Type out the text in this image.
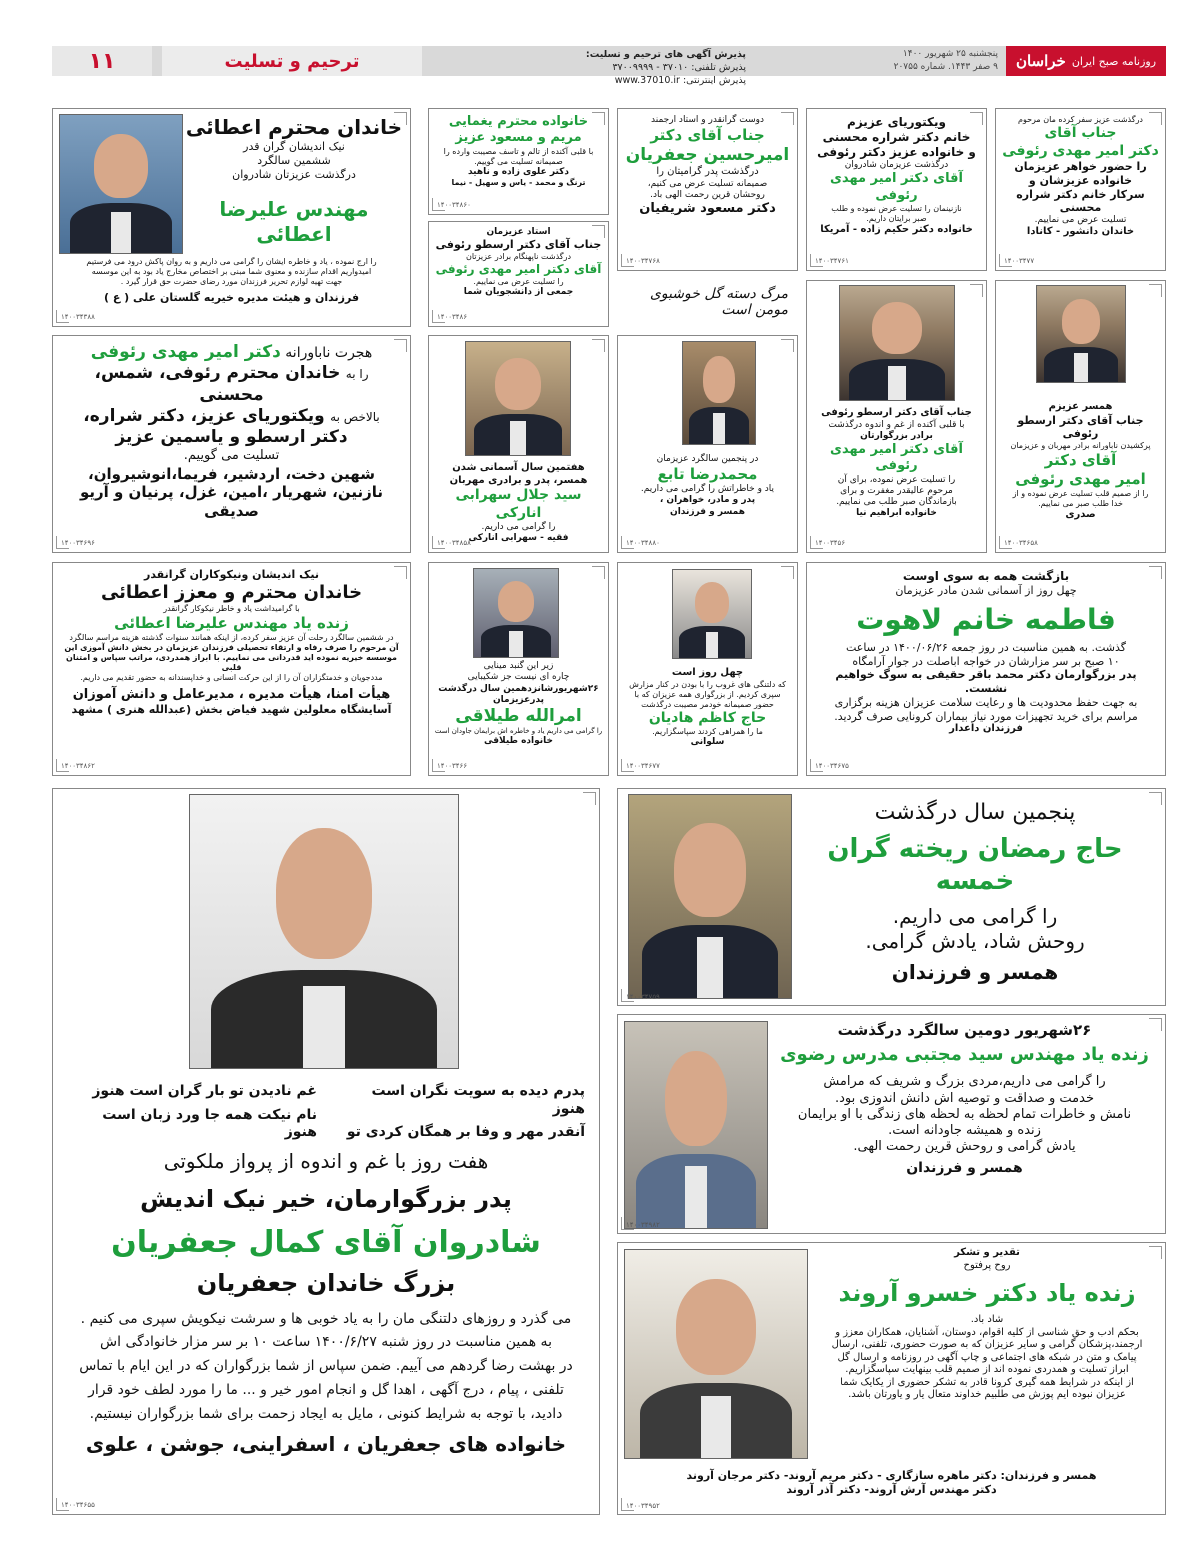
روزنامه صبح ایران
خراسان
پنجشنبه ۲۵ شهریور ۱۴۰۰
۹ صفر ۱۴۴۳. شماره ۲۰۷۵۵
پذیرش آگهی های ترحیم و تسلیت:
پذیرش تلفنی: ۳۷۰۱۰ - ۳۷۰۰۹۹۹۹
پذیرش اینترنتی: www.37010.ir
ترحیم و تسلیت
۱۱
درگذشت عزیز سفر کرده مان مرحوم
جناب آقای
دکتر امیر مهدی رئوفی
را حضور خواهر عزیزمان
خانواده عزیزشان و
سرکار خانم دکتر شراره محسنی
تسلیت عرض می نماییم.
خاندان دانشور - کانادا
۱۴۰۰۳۴۷۷
ویکتوریای عزیزم
خانم دکتر شراره محسنی
و خانواده عزیز دکتر رئوفی
درگذشت عزیزمان شادروان
آقای دکتر امیر مهدی رئوفی
نازنینمان را تسلیت عرض نموده و طلب
صبر برایتان داریم.
خانواده دکتر حکیم زاده - آمریکا
۱۴۰۰۳۴۷۶۱
دوست گرانقدر و استاد ارجمند
جناب آقای دکتر
امیرحسین جعفریان
درگذشت پدر گرامیتان را
صمیمانه تسلیت عرض می کنیم،
روحشان قرین رحمت الهی باد.
دکتر مسعود شریفیان
۱۴۰۰۳۴۷۶۸
خانواده محترم یغمایی
مریم و مسعود عزیز
با قلبی آکنده از تالم و تاسف مصیبت وارده را
صمیمانه تسلیت می گوییم.
دکتر علوی زاده و ناهید
ترنگ و محمد - یاس و سهیل - نیما
۱۴۰۰۳۴۸۶۰
خاندان محترم اعطائی
نیک اندیشان گران قدر
ششمین سالگرد
درگذشت عزیزتان شادروان
مهندس علیرضا اعطائی
را ارج نموده ، یاد و خاطره ایشان را گرامی می داریم و به روان پاکش درود می فرستیم
امیدواریم اقدام سازنده و معنوی شما مبنی بر اختصاص مخارج یاد بود به این موسسه
جهت تهیه لوازم تحریر فرزندان مورد رضای حضرت حق قرار گیرد .
فرزندان و هیئت مدیره خیریه گلستان علی ( ع )
۱۴۰۰۳۴۳۸۸
استاد عزیزمان
جناب آقای دکتر ارسطو رئوفی
درگذشت ناپهنگام برادر عزیزتان
آقای دکتر امیر مهدی رئوفی
را تسلیت عرض می نماییم.
جمعی از دانشجویان شما
۱۴۰۰۳۴۸۶
مرگ دسته گل خوشبوی مومن است
همسر عزیزم
جناب آقای دکتر ارسطو رئوفی
پرکشیدن ناباورانه برادر مهربان و عزیزمان
آقای دکتر
امیر مهدی رئوفی
را از صمیم قلب تسلیت عرض نموده و از
خدا طلب صبر می نماییم.
صدری
۱۴۰۰۳۴۶۵۸
جناب آقای دکتر ارسطو رئوفی
با قلبی آکنده از غم و اندوه درگذشت
برادر بزرگوارتان
آقای دکتر امیر مهدی رئوفی
را تسلیت عرض نموده، برای آن
مرحوم عالیقدر مغفرت و برای
بازماندگان صبر طلب می نماییم.
خانواده ابراهیم نیا
۱۴۰۰۳۴۵۶
در پنجمین سالگرد عزیزمان
محمدرضا تابع
یاد و خاطراتش را گرامی می داریم.
پدر و مادر، خواهران ،
همسر و فرزندان
۱۴۰۰۳۴۸۸۰
هفتمین سال آسمانی شدن
همسر، پدر و برادری مهربان
سید جلال سهرابی انارکی
را گرامی می داریم.
فقیه - سهرابی انارکی
۱۴۰۰۳۴۸۵۸
هجرت ناباورانه دکتر امیر مهدی رئوفی
را به خاندان محترم رئوفی، شمس، محسنی
بالاخص به ویکتوریای عزیز، دکتر شراره،
دکتر ارسطو و یاسمین عزیز
تسلیت می گوییم.
شهین دخت، اردشیر، فریما،انوشیروان،
نازنین، شهریار ،امین، غزل، پرنیان و آریو صدیقی
۱۴۰۰۳۴۶۹۶
بازگشت همه به سوی اوست
چهل روز از آسمانی شدن مادر عزیزمان
فاطمه خانم لاهوت
گذشت. به همین مناسبت در روز جمعه ۱۴۰۰/۰۶/۲۶ در ساعت
۱۰ صبح بر سر مزارشان در خواجه اباصلت در جوار آرامگاه
پدر بزرگوارمان دکتر محمد باقر حقیقی به سوگ خواهیم نشست.
به جهت حفظ محدودیت ها و رعایت سلامت عزیزان هزینه برگزاری
مراسم برای خرید تجهیزات مورد نیاز بیماران کرونایی صرف گردید.
فرزندان داعدار
۱۴۰۰۳۴۶۷۵
چهل روز است
که دلتنگی های غروب را با بودن در کنار مزارش
سپری کردیم. از بزرگواری همه عزیزان که با
حضور صمیمانه خودمر مصیبت درگذشت
حاج کاظم هادیان
ما را همراهی کردند سپاسگزاریم.
سلوانی
۱۴۰۰۳۴۶۷۷
زیر این گنبد مینایی
چاره ای نیست جز شکیبایی
۲۶شهریورشانزدهمین سال درگذشت
پدرعزیزمان
امرالله طیلاقی
را گرامی می داریم یاد و خاطره اش برایمان جاودان است
خانواده طیلاقی
۱۴۰۰۳۴۶۶
نیک اندیشان ونیکوکاران گرانقدر
خاندان محترم و معزز اعطائی
با گرامیداشت یاد و خاطر نیکوکار گرانقدر
زنده یاد مهندس علیرضا اعطائی
در ششمین سالگرد رحلت آن عزیز سفر کرده، از اینکه همانند سنوات گذشته هزینه مراسم سالگرد
آن مرحوم را صرف رفاه و ارتقاء تحصیلی فرزندان عزیزمان در بخش دانش آموزی این
موسسه خیریه نموده اید قدردانی می نماییم. با ابراز همدردی، مراتب سپاس و امتنان قلبی
مددجویان و خدمتگزاران آن را از این حرکت انسانی و خداپسندانه به حضور تقدیم می داریم.
هیأت امنا، هیأت مدیره ، مدیرعامل و دانش آموزان
آسایشگاه معلولین شهید فیاض بخش (عبدالله هنری ) مشهد
۱۴۰۰۳۴۸۶۲
پنجمین سال درگذشت
حاج رمضان ریخته گران خمسه
را گرامی می داریم.
روحش شاد، یادش گرامی.
همسر و فرزندان
۱۴۰۰۳۴۷۵۹
پدرم دیده به سویت نگران است هنوز
آنقدر مهر و وفا بر همگان کردی تو
غم نادیدن تو بار گران است هنوز
نام نیکت همه جا ورد زبان است هنوز
هفت روز با غم و اندوه از پرواز ملکوتی
پدر بزرگوارمان، خیر نیک اندیش
شادروان آقای کمال جعفریان
بزرگ خاندان جعفریان
می گذرد و روزهای دلتنگی مان را به یاد خوبی ها و سرشت نیکویش سپری می کنیم .
به همین مناسبت در روز شنبه ۱۴۰۰/۶/۲۷ ساعت ۱۰ بر سر مزار خانوادگی اش
در بهشت رضا گردهم می آییم. ضمن سپاس از شما بزرگواران که در این ایام با تماس
تلفنی ، پیام ، درج آگهی ، اهدا گل و انجام امور خیر و ... ما را مورد لطف خود قرار
دادید، با توجه به شرایط کنونی ، مایل به ایجاد زحمت برای شما بزرگواران نیستیم.
خانواده های جعفریان ، اسفراینی، جوشن ، علوی
۱۴۰۰۳۴۶۵۵
۲۶شهریور دومین سالگرد درگذشت
زنده یاد مهندس سید مجتبی مدرس رضوی
را گرامی می داریم،مردی بزرگ و شریف که مرامش
خدمت و صداقت و توصیه اش دانش اندوزی بود.
نامش و خاطرات تمام لحظه به لحظه های زندگی با او برایمان
زنده و همیشه جاودانه است.
یادش گرامی و روحش قرین رحمت الهی.
همسر و فرزندان
۱۴۰۰۳۴۹۸۲
تقدیر و تشکر
روح پرفتوح
زنده یاد دکتر خسرو آروند
شاد باد.
بحکم ادب و حق شناسی از کلیه اقوام، دوستان، آشنایان، همکاران معزز و
ارجمند،پزشکان گرامی و سایر عزیزان که به صورت حضوری، تلفنی، ارسال
پیامک و متن در شبکه های اجتماعی و چاپ آگهی در روزنامه و ارسال گل
ابراز تسلیت و همدردی نموده اند از صمیم قلب بینهایت سپاسگزاریم.
از اینکه در شرایط همه گیری کرونا قادر به تشکر حضوری از یکایک شما
عزیزان نبوده ایم پوزش می طلبیم خداوند متعال یار و یاورتان باشد.
همسر و فرزندان: دکتر ماهره سازگاری - دکتر مریم آروند- دکتر مرجان آروند
دکتر مهندس آرش آروند- دکتر آذر آروند
۱۴۰۰۳۴۹۵۲
